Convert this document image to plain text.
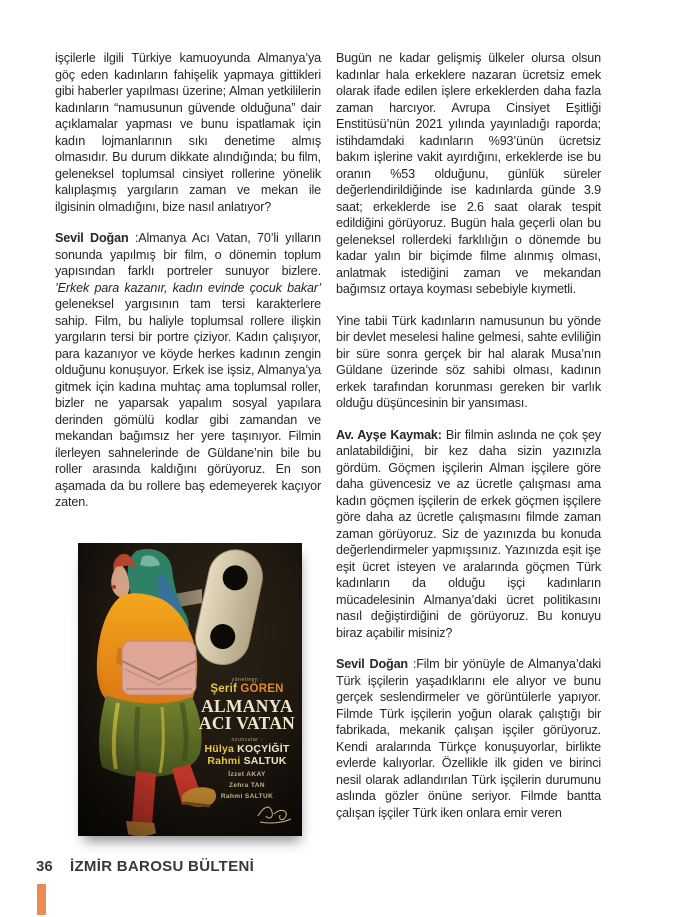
işçilerle ilgili Türkiye kamuoyunda Almanya’ya göç eden kadınların fahişelik yapmaya gittikleri gibi haberler yapılması üzerine; Alman yetkililerin kadınların “namusunun güvende olduğuna” dair açıklamalar yapması ve bunu ispatlamak için kadın lojmanlarının sıkı denetime almış olmasıdır. Bu durum dikkate alındığında; bu film, geleneksel toplumsal cinsiyet rollerine yönelik kalıplaşmış yargıların zaman ve mekan ile ilgisinin olmadığını, bize nasıl anlatıyor?

Sevil Doğan :Almanya Acı Vatan, 70’li yılların sonunda yapılmış bir film, o dönemin toplum yapısından farklı portreler sunuyor bizlere. ’Erkek para kazanır, kadın evinde çocuk bakar’ geleneksel yargısının tam tersi karakterlere sahip. Film, bu haliyle toplumsal rollere ilişkin yargıların tersi bir portre çiziyor. Kadın çalışıyor, para kazanıyor ve köyde herkes kadının zengin olduğunu konuşuyor. Erkek ise işsiz, Almanya’ya gitmek için kadına muhtaç ama toplumsal roller, bizler ne yaparsak yapalım sosyal yapılara derinden gömülü kodlar gibi zamandan ve mekandan bağımsız her yere taşınıyor. Filmin ilerleyen sahnelerinde de Güldane’nin bile bu roller arasında kaldığını görüyoruz. En son aşamada da bu rollere baş edemeyerek kaçıyor zaten.

Bugün ne kadar gelişmiş ülkeler olursa olsun kadınlar hala erkeklere nazaran ücretsiz emek olarak ifade edilen işlere erkeklerden daha fazla zaman harcıyor. Avrupa Cinsiyet Eşitliği Enstitüsü’nün 2021 yılında yayınladığı raporda; istihdamdaki kadınların %93’ünün ücretsiz bakım işlerine vakit ayırdığını, erkeklerde ise bu oranın %53 olduğunu, günlük süreler değerlendirildiğinde ise kadınlarda günde 3.9 saat; erkeklerde ise 2.6 saat olarak tespit edildiğini görüyoruz. Bugün hala geçerli olan bu geleneksel rollerdeki farklılığın o dönemde bu kadar yalın bir biçimde filme alınmış olması, anlatmak istediğini zaman ve mekandan bağımsız ortaya koyması sebebiyle kıymetli.

Yine tabii Türk kadınların namusunun bu yönde bir devlet meselesi haline gelmesi, sahte evliliğin bir süre sonra gerçek bir hal alarak Musa’nın Güldane üzerinde söz sahibi olması, kadının erkek tarafından korunması gereken bir varlık olduğu düşüncesinin bir yansıması.

Av. Ayşe Kaymak: Bir filmin aslında ne çok şey anlatabildiğini, bir kez daha sizin yazınızla gördüm. Göçmen işçilerin Alman işçilere göre daha güvencesiz ve az ücretle çalışması ama kadın göçmen işçilerin de erkek göçmen işçilere göre daha az ücretle çalışmasını filmde zaman zaman görüyoruz. Siz de yazınızda bu konuda değerlendirmeler yapmışsınız. Yazınızda eşit işe eşit ücret isteyen ve aralarında göçmen Türk kadınların da olduğu işçi kadınların mücadelesinin Almanya’daki ücret politikasını nasıl değiştirdiğini de görüyoruz. Bu konuyu biraz açabilir misiniz?

Sevil Doğan :Film bir yönüyle de Almanya’daki Türk işçilerin yaşadıklarını ele alıyor ve bunu gerçek seslendirmeler ve görüntülerle yapıyor. Filmde Türk işçilerin yoğun olarak çalıştığı bir fabrikada, mekanik çalışan işçiler görüyoruz. Kendi aralarında Türkçe konuşuyorlar, birlikte evlerde kalıyorlar. Özellikle ilk giden ve birinci nesil olarak adlandırılan Türk işçilerin durumunu aslında gözler önüne seriyor. Filmde bantta çalışan işçiler Türk iken onlara emir veren

yönetmen :
Şerif GÖREN
ALMANYA
ACI VATAN
oyuncular :
Hülya KOÇYİĞİT
Rahmi SALTUK
İzzet AKAY
Zehra TAN
Rahmi SALTUK
36 İZMİR BAROSU BÜLTENİ
